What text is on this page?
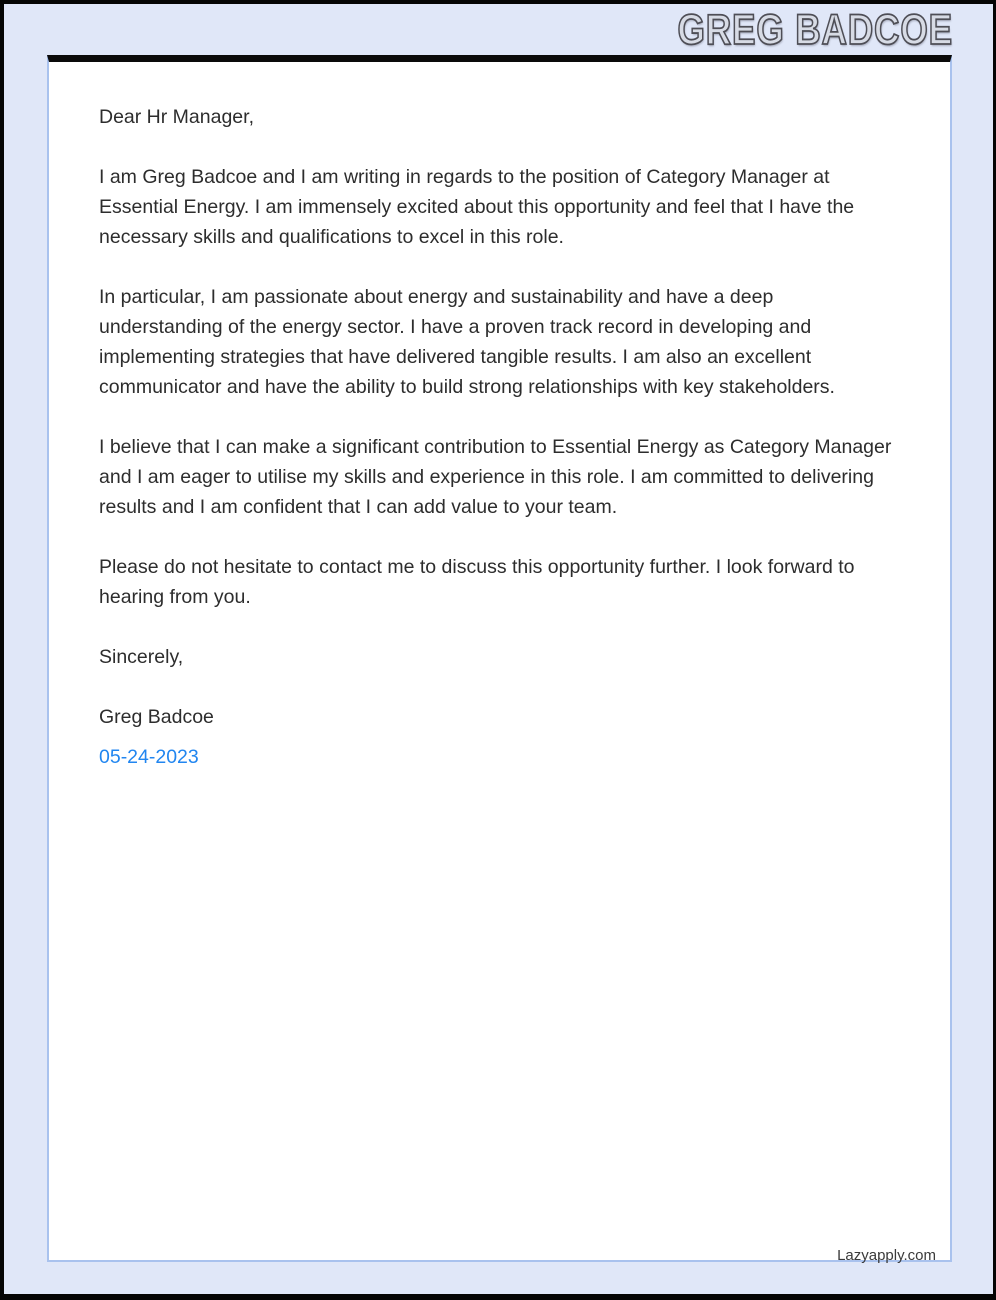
GREG BADCOE

Dear Hr Manager,

I am Greg Badcoe and I am writing in regards to the position of Category Manager at Essential Energy. I am immensely excited about this opportunity and feel that I have the necessary skills and qualifications to excel in this role.

In particular, I am passionate about energy and sustainability and have a deep understanding of the energy sector. I have a proven track record in developing and implementing strategies that have delivered tangible results. I am also an excellent communicator and have the ability to build strong relationships with key stakeholders.

I believe that I can make a significant contribution to Essential Energy as Category Manager and I am eager to utilise my skills and experience in this role. I am committed to delivering results and I am confident that I can add value to your team.

Please do not hesitate to contact me to discuss this opportunity further. I look forward to hearing from you.

Sincerely,

Greg Badcoe

05-24-2023

Lazyapply.com
